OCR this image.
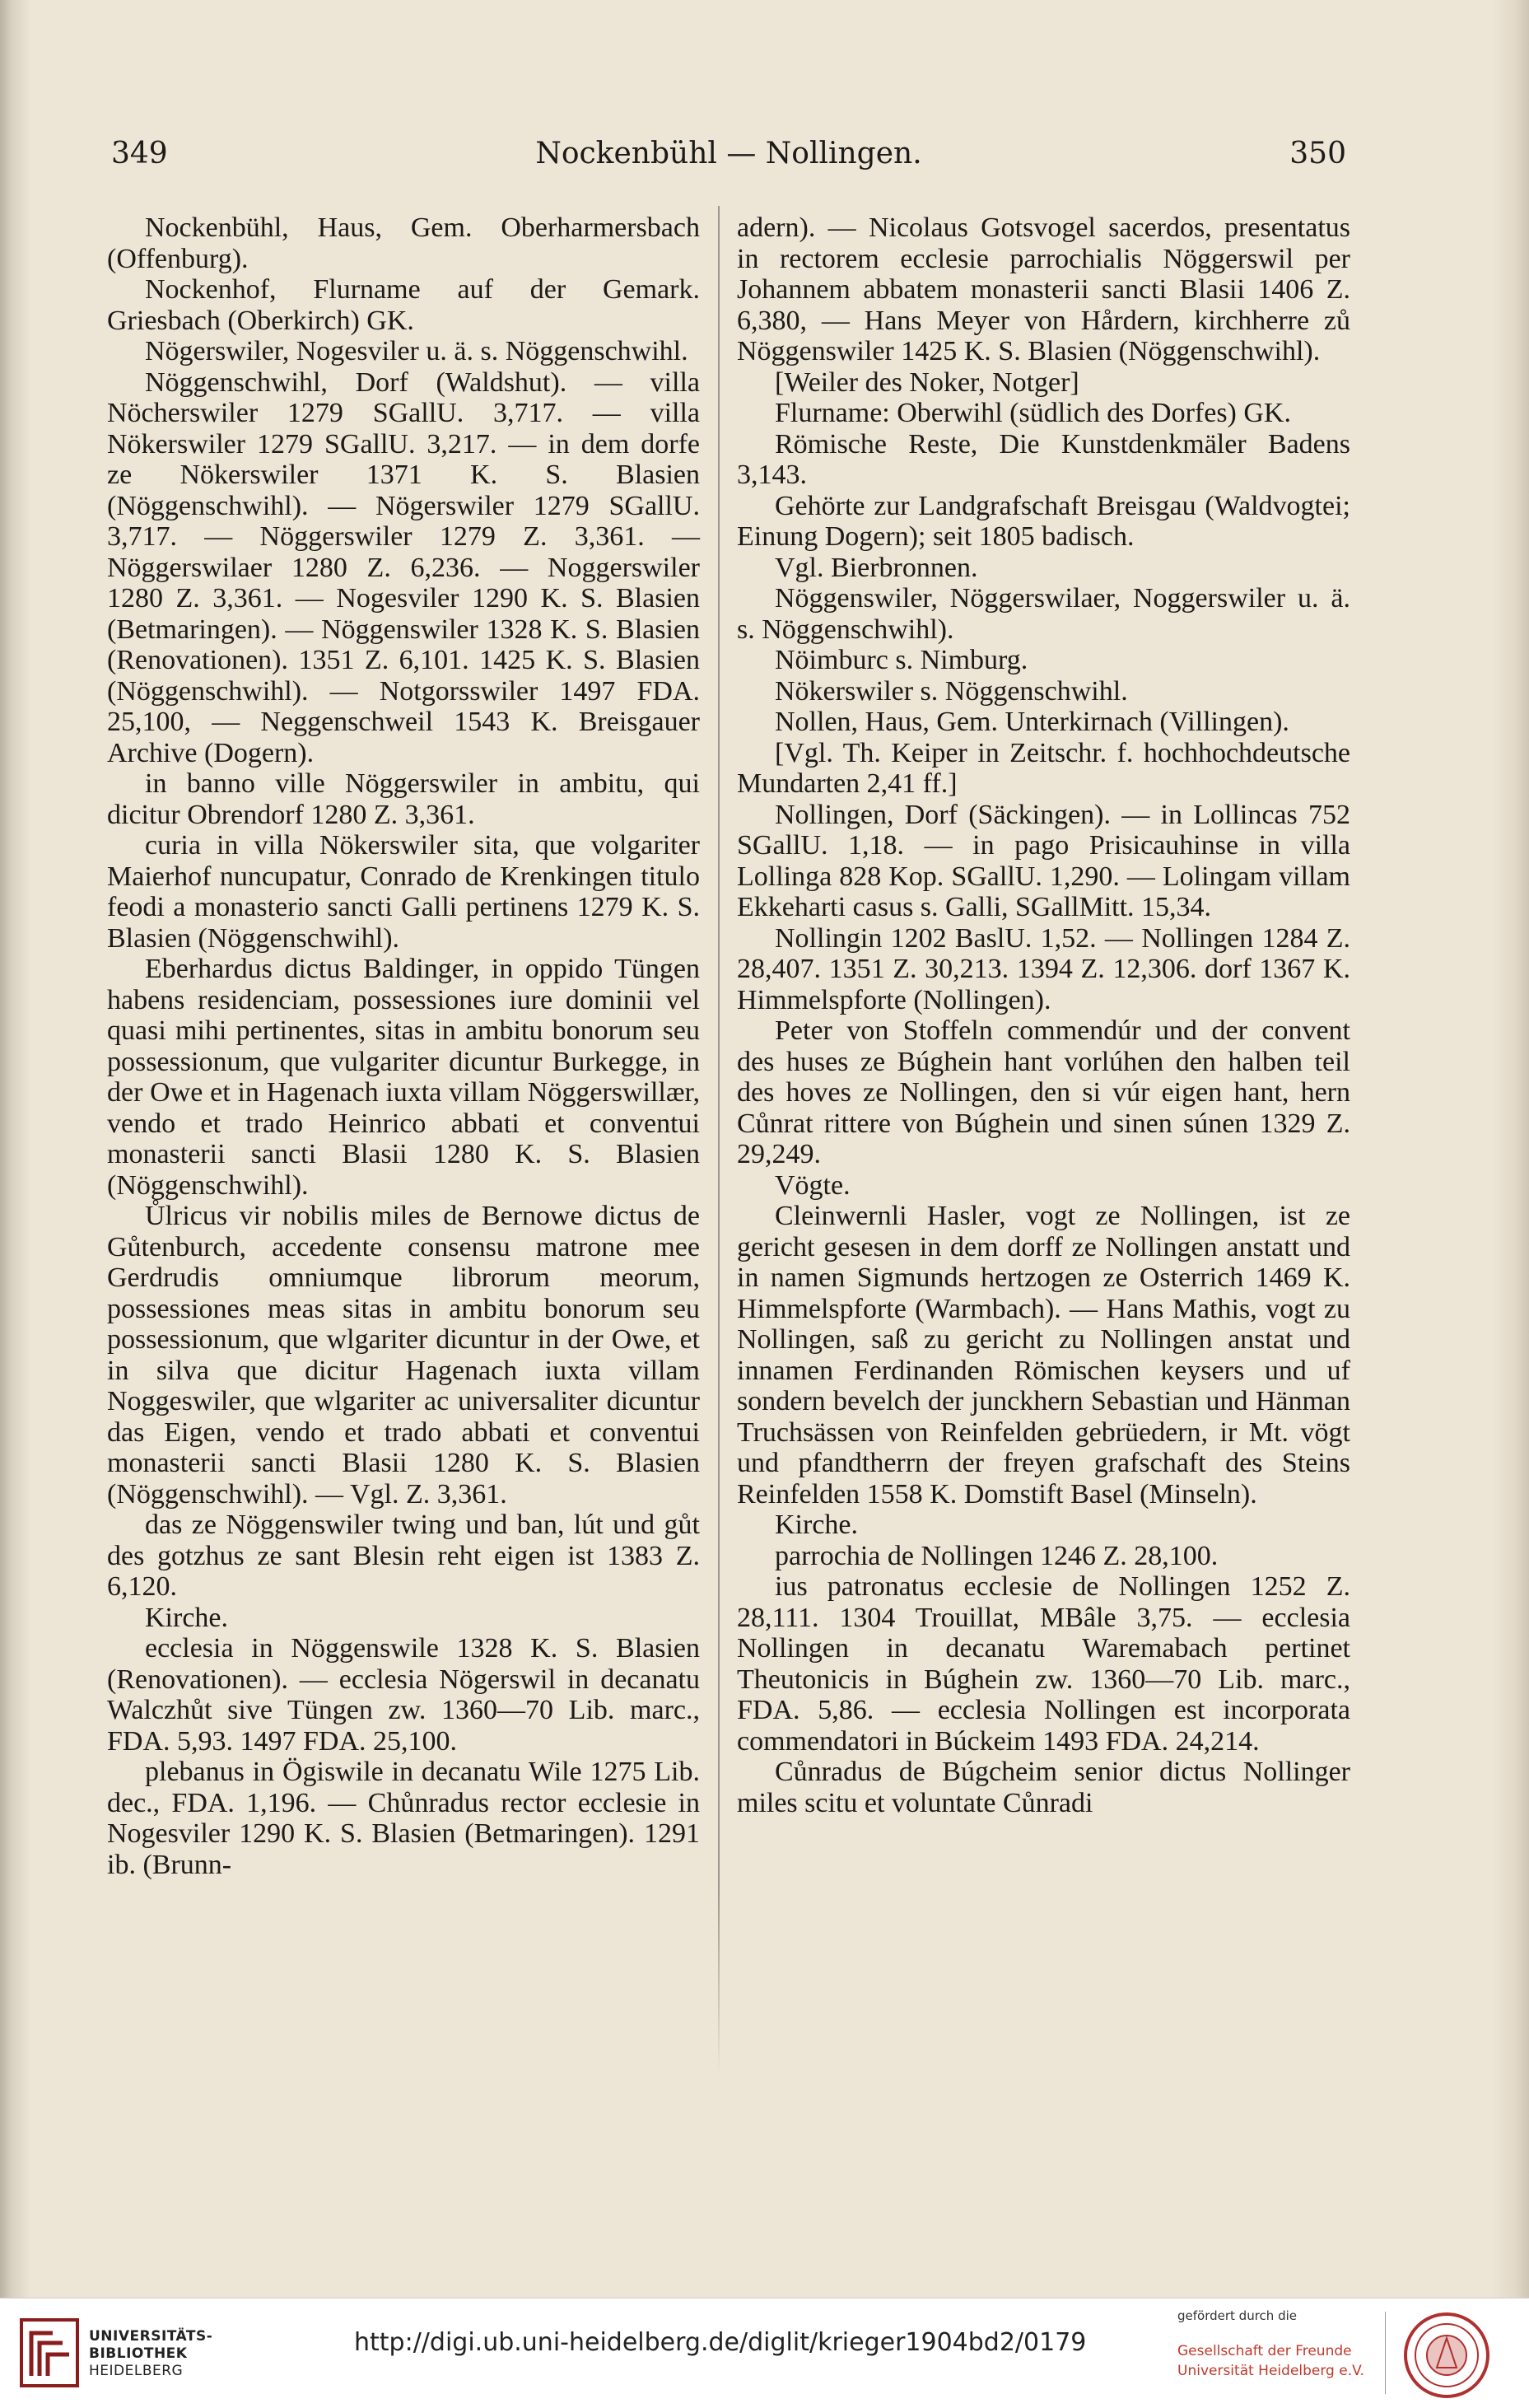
349	Nockenbühl — Nollingen.	350

Nockenbühl, Haus, Gem. Oberharmersbach (Offenburg).

Nockenhof, Flurname auf der Gemark. Griesbach (Oberkirch) GK.

Nögerswiler, Nogesviler u. ä. s. Nöggenschwihl.

Nöggenschwihl, Dorf (Waldshut). — villa Nöcherswiler 1279 SGallU. 3,717. — villa Nökerswiler 1279 SGallU. 3,217. — in dem dorfe ze Nökerswiler 1371 K. S. Blasien (Nöggenschwihl). — Nögerswiler 1279 SGallU. 3,717. — Nöggerswiler 1279 Z. 3,361. — Nöggerswilaer 1280 Z. 6,236. — Noggerswiler 1280 Z. 3,361. — Nogesviler 1290 K. S. Blasien (Betmaringen). — Nöggenswiler 1328 K. S. Blasien (Renovationen). 1351 Z. 6,101. 1425 K. S. Blasien (Nöggenschwihl). — Notgorsswiler 1497 FDA. 25,100, — Neggenschweil 1543 K. Breisgauer Archive (Dogern).

in banno ville Nöggerswiler in ambitu, qui dicitur Obrendorf 1280 Z. 3,361.

curia in villa Nökerswiler sita, que volgariter Maierhof nuncupatur, Conrado de Krenkingen titulo feodi a monasterio sancti Galli pertinens 1279 K. S. Blasien (Nöggenschwihl).

Eberhardus dictus Baldinger, in oppido Tüngen habens residenciam, possessiones iure dominii vel quasi mihi pertinentes, sitas in ambitu bonorum seu possessionum, que vulgariter dicuntur Burkegge, in der Owe et in Hagenach iuxta villam Nöggerswillær, vendo et trado Heinrico abbati et conventui monasterii sancti Blasii 1280 K. S. Blasien (Nöggenschwihl).

Ůlricus vir nobilis miles de Bernowe dictus de Gůtenburch, accedente consensu matrone mee Gerdrudis omniumque librorum meorum, possessiones meas sitas in ambitu bonorum seu possessionum, que wlgariter dicuntur in der Owe, et in silva que dicitur Hagenach iuxta villam Noggeswiler, que wlgariter ac universaliter dicuntur das Eigen, vendo et trado abbati et conventui monasterii sancti Blasii 1280 K. S. Blasien (Nöggenschwihl). — Vgl. Z. 3,361.

das ze Nöggenswiler twing und ban, lút und gůt des gotzhus ze sant Blesin reht eigen ist 1383 Z. 6,120.

Kirche.

ecclesia in Nöggenswile 1328 K. S. Blasien (Renovationen). — ecclesia Nögerswil in decanatu Walczhůt sive Tüngen zw. 1360—70 Lib. marc., FDA. 5,93. 1497 FDA. 25,100.

plebanus in Ögiswile in decanatu Wile 1275 Lib. dec., FDA. 1,196. — Chůnradus rector ecclesie in Nogesviler 1290 K. S. Blasien (Betmaringen). 1291 ib. (Brunn-

adern). — Nicolaus Gotsvogel sacerdos, presentatus in rectorem ecclesie parrochialis Nöggerswil per Johannem abbatem monasterii sancti Blasii 1406 Z. 6,380, — Hans Meyer von Hårdern, kirchherre zů Nöggenswiler 1425 K. S. Blasien (Nöggenschwihl).

[Weiler des Noker, Notger]

Flurname: Oberwihl (südlich des Dorfes) GK.

Römische Reste, Die Kunstdenkmäler Badens 3,143.

Gehörte zur Landgrafschaft Breisgau (Waldvogtei; Einung Dogern); seit 1805 badisch.

Vgl. Bierbronnen.

Nöggenswiler, Nöggerswilaer, Noggerswiler u. ä. s. Nöggenschwihl).

Nöimburc s. Nimburg.

Nökerswiler s. Nöggenschwihl.

Nollen, Haus, Gem. Unterkirnach (Villingen).

[Vgl. Th. Keiper in Zeitschr. f. hochhochdeutsche Mundarten 2,41 ff.]

Nollingen, Dorf (Säckingen). — in Lollincas 752 SGallU. 1,18. — in pago Prisicauhinse in villa Lollinga 828 Kop. SGallU. 1,290. — Lolingam villam Ekkeharti casus s. Galli, SGallMitt. 15,34.

Nollingin 1202 BaslU. 1,52. — Nollingen 1284 Z. 28,407. 1351 Z. 30,213. 1394 Z. 12,306. dorf 1367 K. Himmelspforte (Nollingen).

Peter von Stoffeln commendúr und der convent des huses ze Búghein hant vorlúhen den halben teil des hoves ze Nollingen, den si vúr eigen hant, hern Cůnrat rittere von Búghein und sinen súnen 1329 Z. 29,249.

Vögte.

Cleinwernli Hasler, vogt ze Nollingen, ist ze gericht gesesen in dem dorff ze Nollingen anstatt und in namen Sigmunds hertzogen ze Osterrich 1469 K. Himmelspforte (Warmbach). — Hans Mathis, vogt zu Nollingen, saß zu gericht zu Nollingen anstat und innamen Ferdinanden Römischen keysers und uf sondern bevelch der junckhern Sebastian und Hänman Truchsässen von Reinfelden gebrüedern, ir Mt. vögt und pfandtherrn der freyen grafschaft des Steins Reinfelden 1558 K. Domstift Basel (Minseln).

Kirche.

parrochia de Nollingen 1246 Z. 28,100.

ius patronatus ecclesie de Nollingen 1252 Z. 28,111. 1304 Trouillat, MBâle 3,75. — ecclesia Nollingen in decanatu Waremabach pertinet Theutonicis in Búghein zw. 1360—70 Lib. marc., FDA. 5,86. — ecclesia Nollingen est incorporata commendatori in Búckeim 1493 FDA. 24,214.

Cůnradus de Búgcheim senior dictus Nollinger miles scitu et voluntate Cůnradi

UNIVERSITÄTS-
BIBLIOTHEK
HEIDELBERG
http://digi.ub.uni-heidelberg.de/diglit/krieger1904bd2/0179
gefördert durch die
Gesellschaft der Freunde
Universität Heidelberg e.V.
